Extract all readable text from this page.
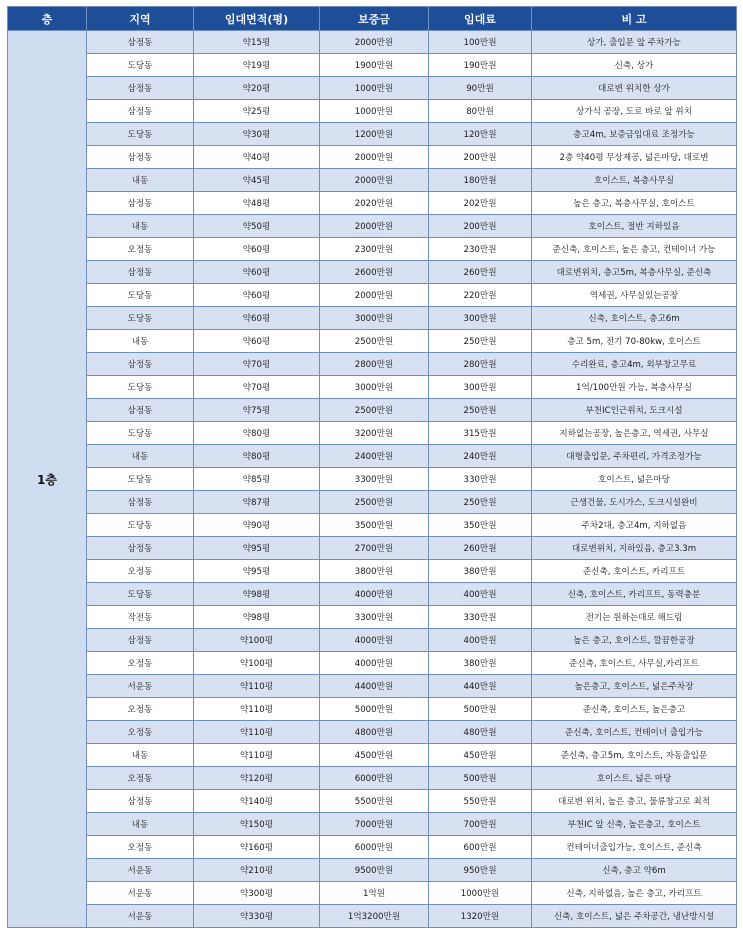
층	지역	임대면적(평)	보증금	임대료	비 고
1층	삼정동	약15평	2000만원	100만원	상가, 출입문 앞 주차가능
	도당동	약19평	1900만원	190만원	신축, 상가
	삼정동	약20평	1000만원	90만원	대로변 위치한 상가
	삼정동	약25평	1000만원	80만원	상가식 공장, 도로 바로 앞 위치
	도당동	약30평	1200만원	120만원	층고4m, 보증금임대료 조정가능
	삼정동	약40평	2000만원	200만원	2층 약40평 무상제공, 넓은마당, 대로변
	내동	약45평	2000만원	180만원	호이스트, 복층사무실
	삼정동	약48평	2020만원	202만원	높은 층고, 복층사무실, 호이스트
	내동	약50평	2000만원	200만원	호이스트, 절반 지하있음
	오정동	약60평	2300만원	230만원	준신축, 호이스트, 높은 층고, 컨테이너 가능
	삼정동	약60평	2600만원	260만원	대로변위치, 층고5m, 복층사무실, 준신축
	도당동	약60평	2000만원	220만원	역세권, 사무실있는공장
	도당동	약60평	3000만원	300만원	신축, 호이스트, 층고6m
	내동	약60평	2500만원	250만원	층고 5m, 전기 70-80kw, 호이스트
	삼정동	약70평	2800만원	280만원	수리완료, 층고4m, 외부창고무료
	도당동	약70평	3000만원	300만원	1억/100만원 가능, 복층사무실
	삼정동	약75평	2500만원	250만원	부천IC인근위치, 도크시설
	도당동	약80평	3200만원	315만원	지하없는공장, 높은층고, 역세권, 사무실
	내동	약80평	2400만원	240만원	대형출입문, 주차편리, 가격조정가능
	도당동	약85평	3300만원	330만원	호이스트, 넓은마당
	삼정동	약87평	2500만원	250만원	근생건물, 도시가스, 도크시설완비
	도당동	약90평	3500만원	350만원	주차2대, 층고4m, 지하없음
	삼정동	약95평	2700만원	260만원	대로변위치, 지하있음, 층고3.3m
	오정동	약95평	3800만원	380만원	준신축, 호이스트, 카리프트
	도당동	약98평	4000만원	400만원	신축, 호이스트, 카리프트, 동력충분
	작전동	약98평	3300만원	330만원	전기는 원하는대로 해드림
	삼정동	약100평	4000만원	400만원	높은 층고, 호이스트, 깔끔한공장
	오정동	약100평	4000만원	380만원	준신축, 호이스트, 사무실,카리프트
	서운동	약110평	4400만원	440만원	높은층고, 호이스트, 넓은주차장
	오정동	약110평	5000만원	500만원	준신축, 호이스트, 높은층고
	오정동	약110평	4800만원	480만원	준신축, 호이스트, 컨테이너 출입가능
	내동	약110평	4500만원	450만원	준신축, 층고5m, 호이스트, 자동출입문
	오정동	약120평	6000만원	500만원	호이스트, 넓은 마당
	삼정동	약140평	5500만원	550만원	대로변 위치, 높은 층고, 물류창고로 최적
	내동	약150평	7000만원	700만원	부천IC 앞 신축, 높은층고, 호이스트
	오정동	약160평	6000만원	600만원	컨테이너출입가능, 호이스트, 준신축
	서운동	약210평	9500만원	950만원	신축, 층고 약6m
	서운동	약300평	1억원	1000만원	신축, 지하없음, 높은 층고, 카리프트
	서운동	약330평	1억3200만원	1320만원	신축, 호이스트, 넓은 주차공간, 냉난방시설
